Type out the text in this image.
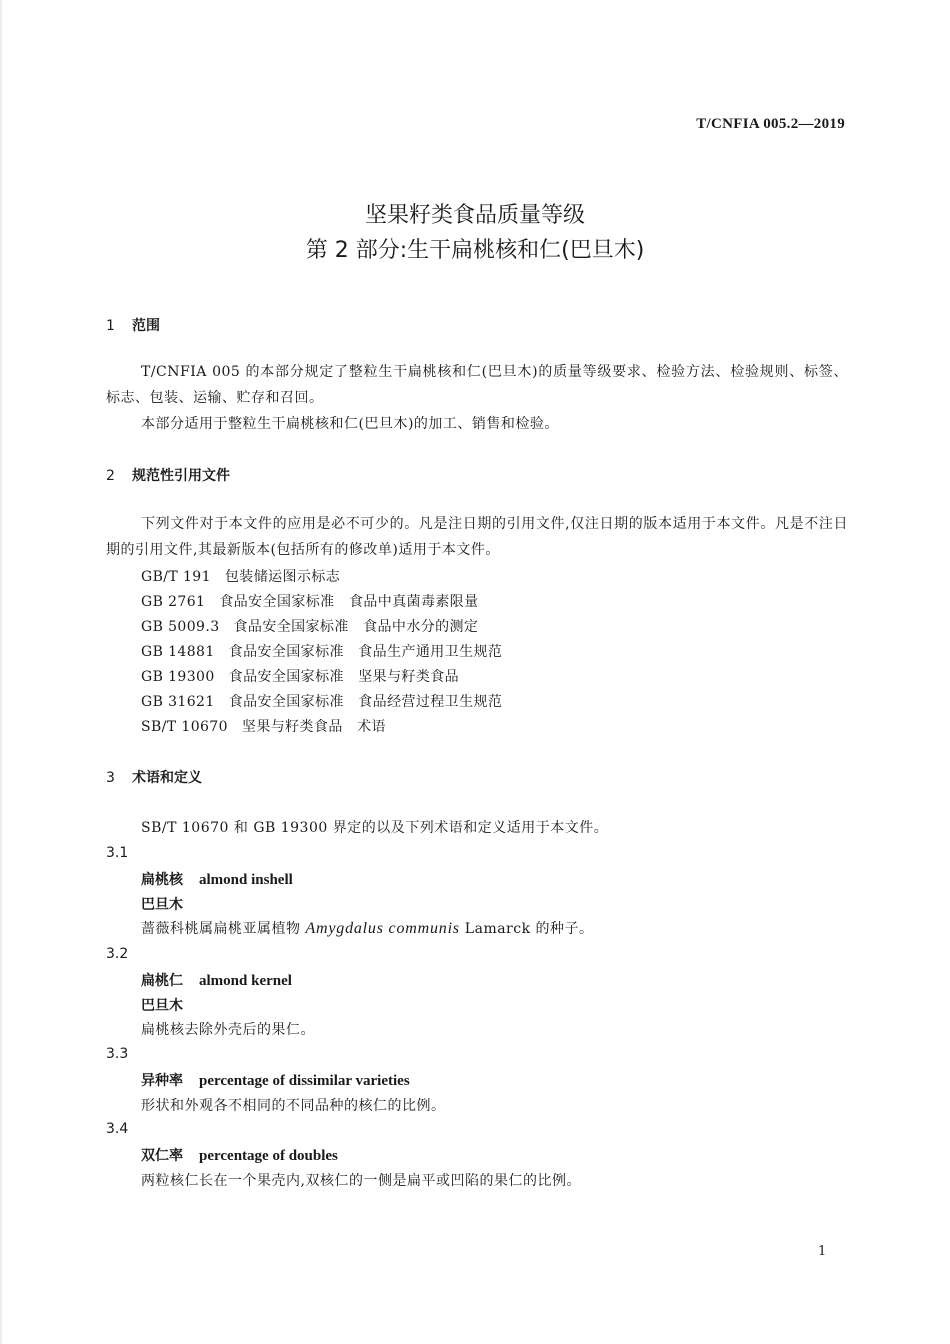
T/CNFIA 005.2—2019
坚果籽类食品质量等级
第 2 部分:生干扁桃核和仁(巴旦木)
1 范围
T/CNFIA 005 的本部分规定了整粒生干扁桃核和仁(巴旦木)的质量等级要求、检验方法、检验规则、标签、标志、包装、运输、贮存和召回。
本部分适用于整粒生干扁桃核和仁(巴旦木)的加工、销售和检验。
2 规范性引用文件
下列文件对于本文件的应用是必不可少的。凡是注日期的引用文件,仅注日期的版本适用于本文件。凡是不注日期的引用文件,其最新版本(包括所有的修改单)适用于本文件。
GB/T 191 包装储运图示标志
GB 2761 食品安全国家标准　食品中真菌毒素限量
GB 5009.3 食品安全国家标准　食品中水分的测定
GB 14881 食品安全国家标准　食品生产通用卫生规范
GB 19300 食品安全国家标准　坚果与籽类食品
GB 31621 食品安全国家标准　食品经营过程卫生规范
SB/T 10670 坚果与籽类食品　术语
3 术语和定义
SB/T 10670 和 GB 19300 界定的以及下列术语和定义适用于本文件。
3.1
扁桃核 almond inshell
巴旦木
蔷薇科桃属扁桃亚属植物 Amygdalus communis Lamarck 的种子。
3.2
扁桃仁 almond kernel
巴旦木
扁桃核去除外壳后的果仁。
3.3
异种率 percentage of dissimilar varieties
形状和外观各不相同的不同品种的核仁的比例。
3.4
双仁率 percentage of doubles
两粒核仁长在一个果壳内,双核仁的一侧是扁平或凹陷的果仁的比例。
1
